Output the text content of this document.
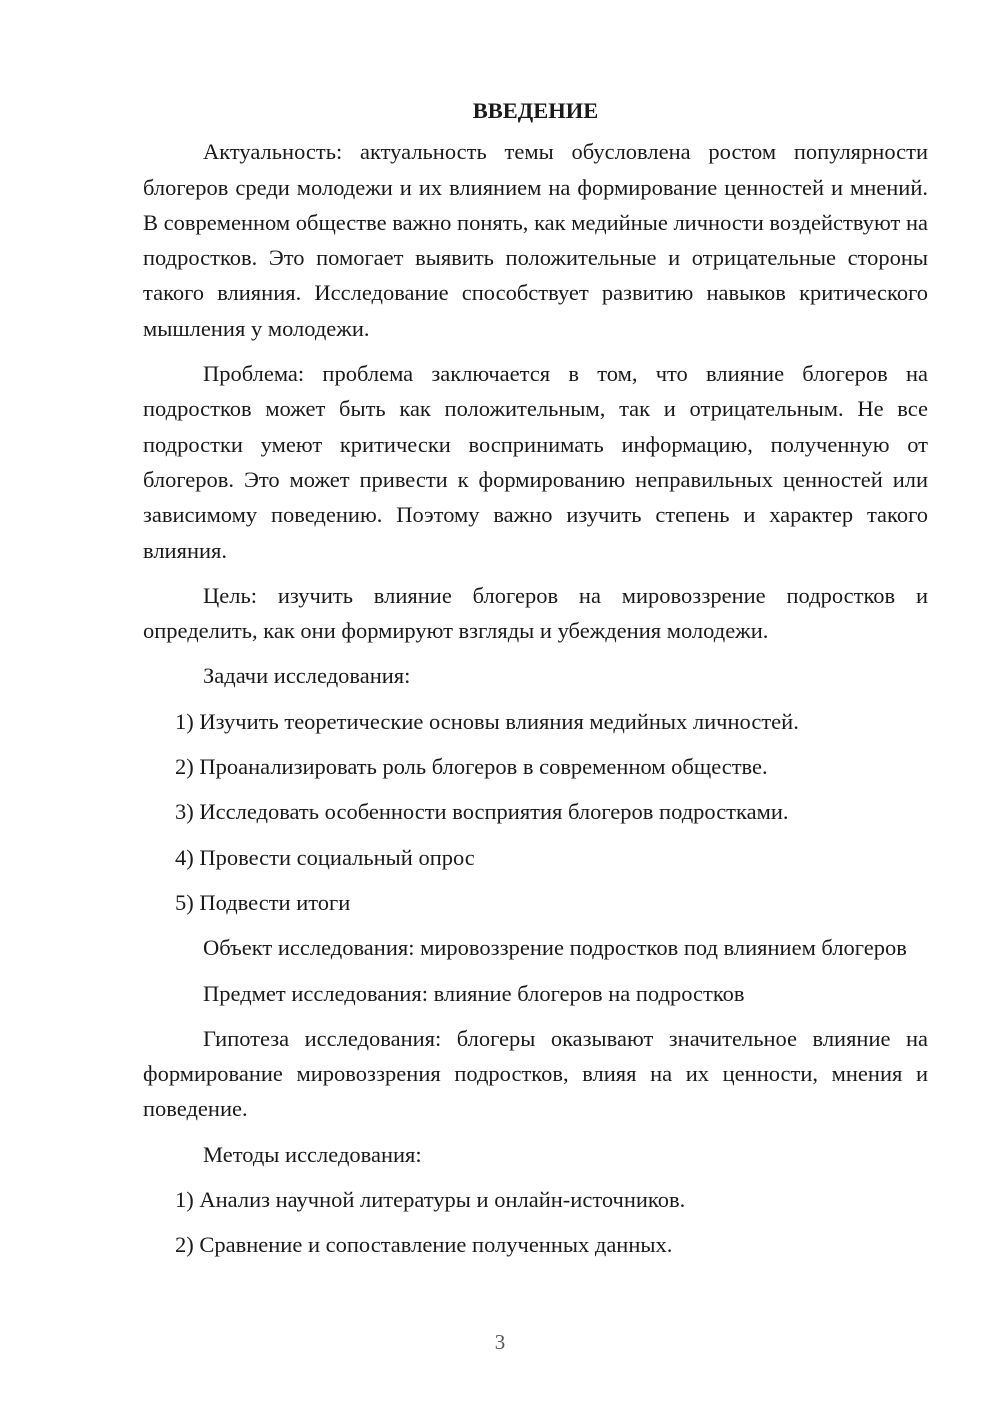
ВВЕДЕНИЕ
Актуальность: актуальность темы обусловлена ростом популярности блогеров среди молодежи и их влиянием на формирование ценностей и мнений. В современном обществе важно понять, как медийные личности воздействуют на подростков. Это помогает выявить положительные и отрицательные стороны такого влияния. Исследование способствует развитию навыков критического мышления у молодежи.
Проблема: проблема заключается в том, что влияние блогеров на подростков может быть как положительным, так и отрицательным. Не все подростки умеют критически воспринимать информацию, полученную от блогеров. Это может привести к формированию неправильных ценностей или зависимому поведению. Поэтому важно изучить степень и характер такого влияния.
Цель: изучить влияние блогеров на мировоззрение подростков и определить, как они формируют взгляды и убеждения молодежи.
Задачи исследования:
1) Изучить теоретические основы влияния медийных личностей.
2) Проанализировать роль блогеров в современном обществе.
3) Исследовать особенности восприятия блогеров подростками.
4) Провести социальный опрос
5) Подвести итоги
Объект исследования: мировоззрение подростков под влиянием блогеров
Предмет исследования: влияние блогеров на подростков
Гипотеза исследования: блогеры оказывают значительное влияние на формирование мировоззрения подростков, влияя на их ценности, мнения и поведение.
Методы исследования:
1) Анализ научной литературы и онлайн-источников.
2) Сравнение и сопоставление полученных данных.
3
